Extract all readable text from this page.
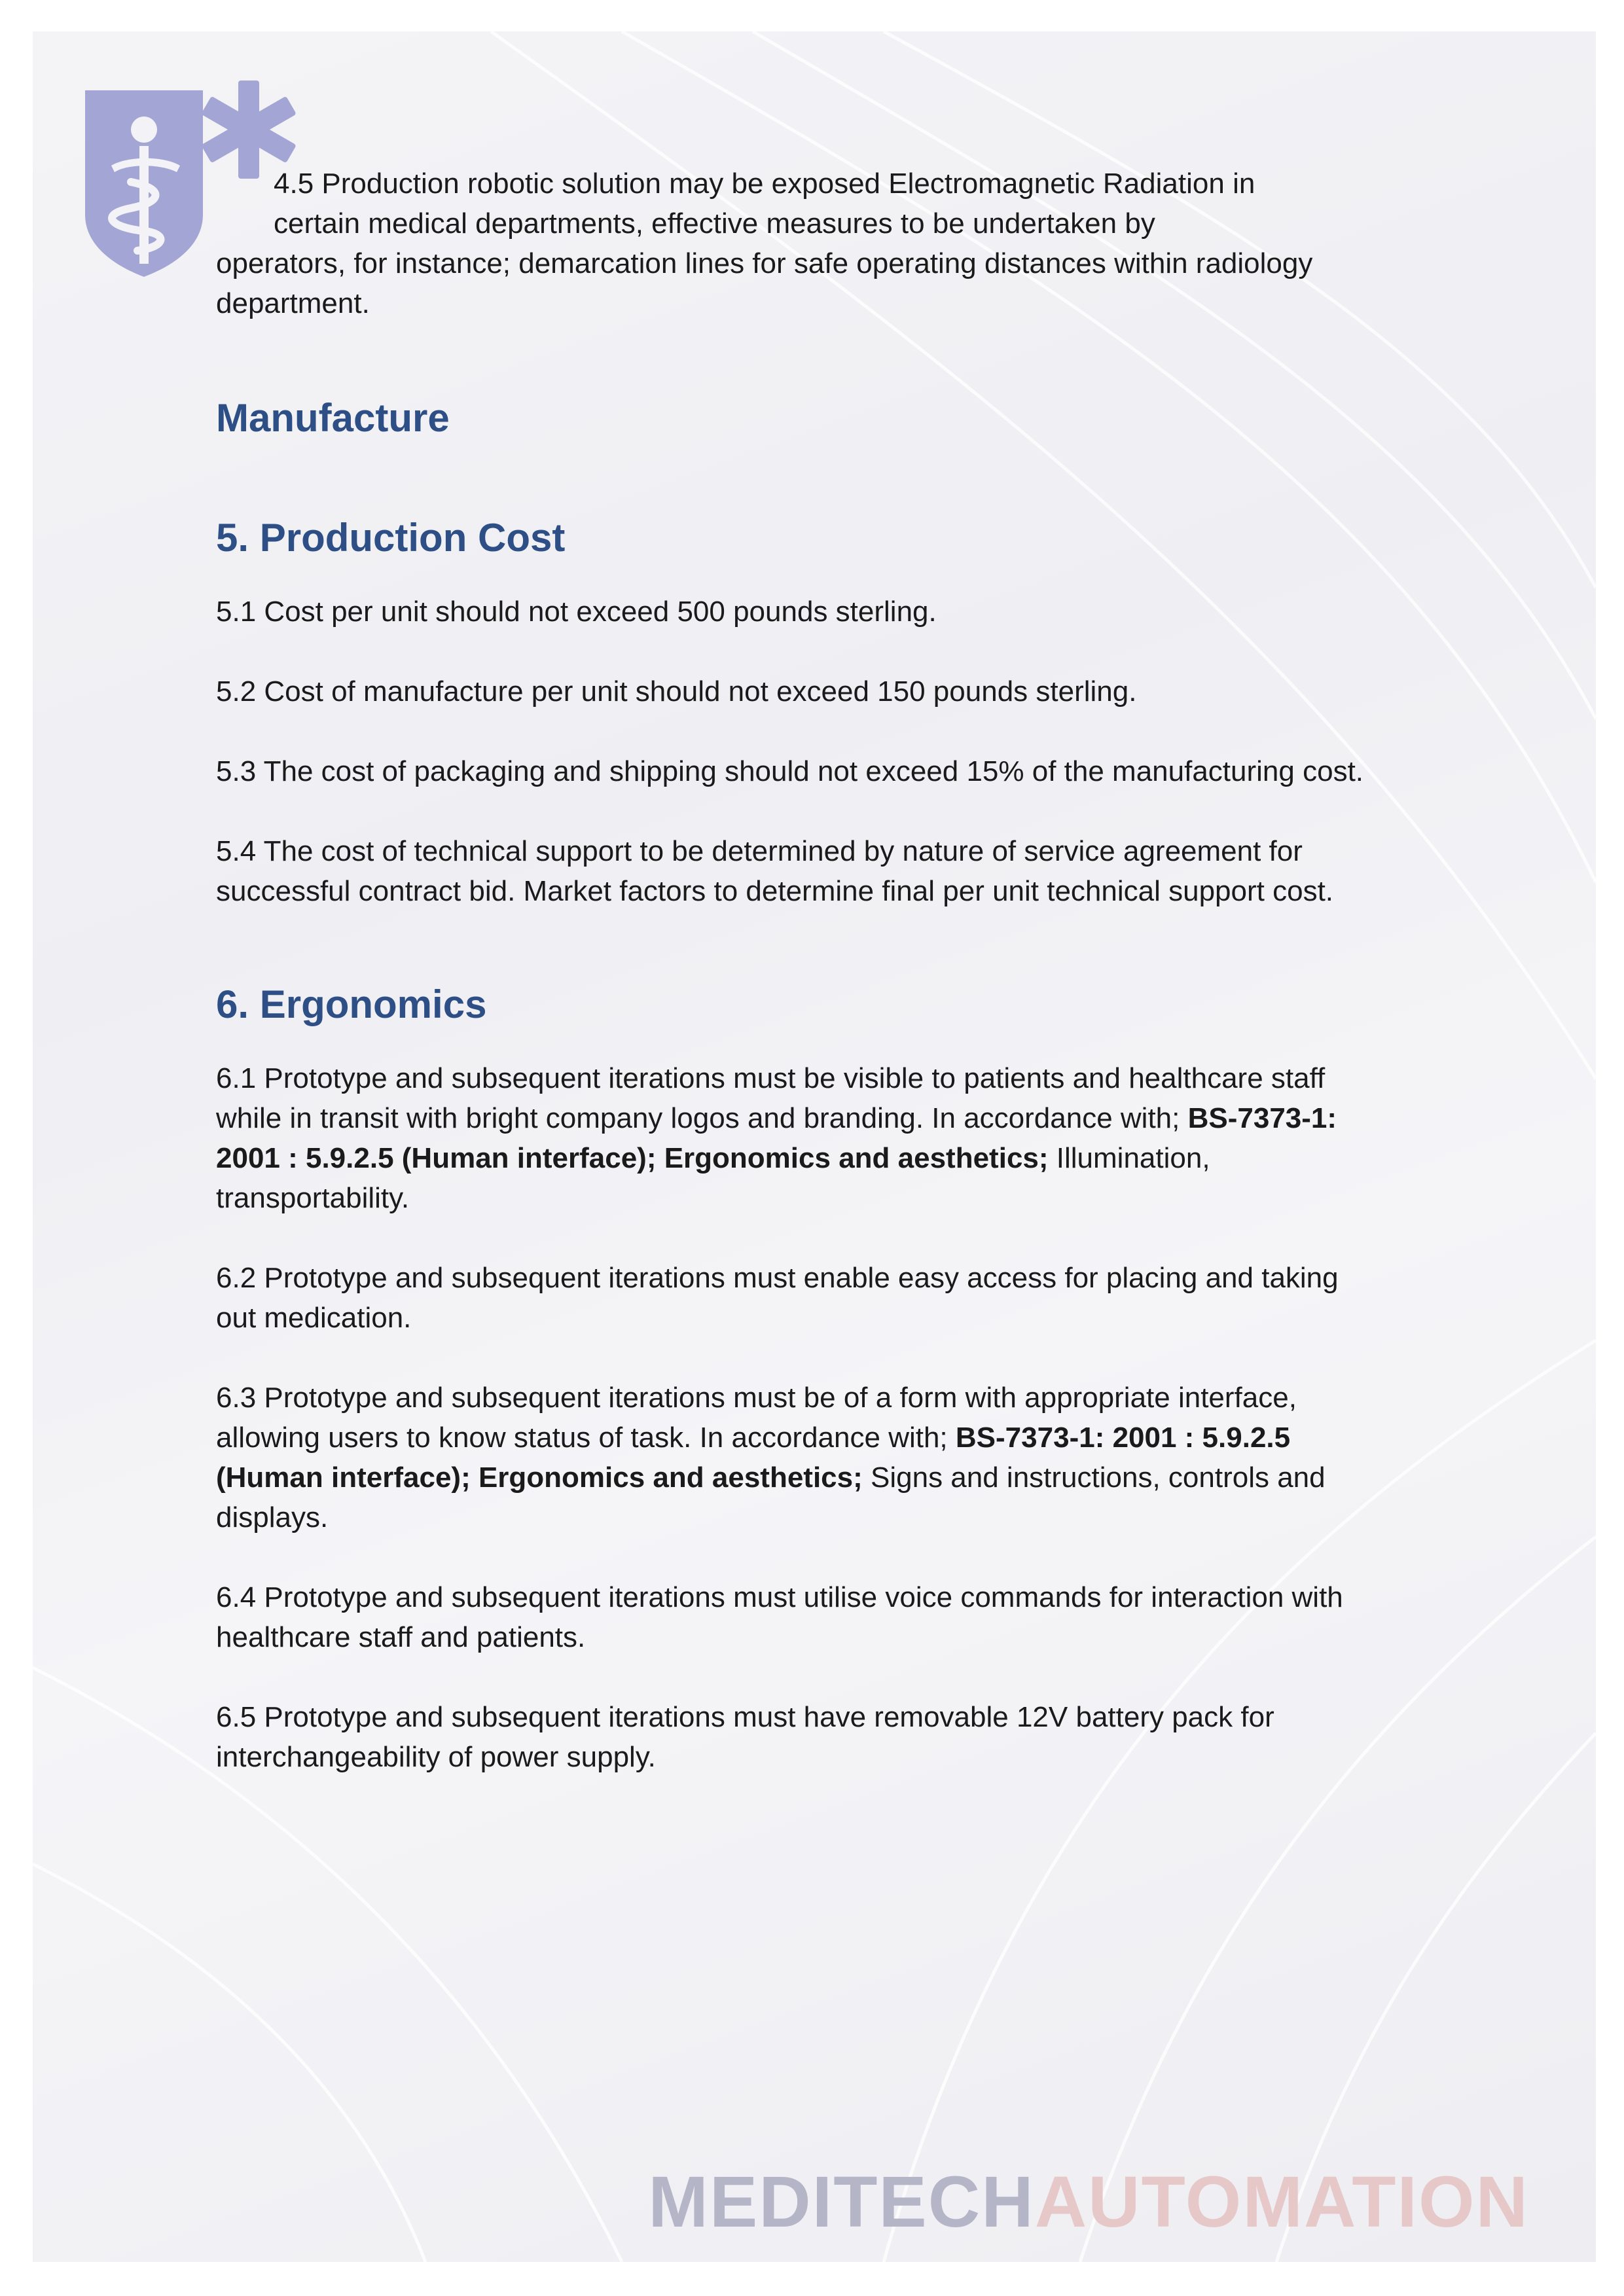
4.5 Production robotic solution may be exposed Electromagnetic Radiation in
certain medical departments, effective measures to be undertaken by
operators, for instance; demarcation lines for safe operating distances within radiology department.

Manufacture
5. Production Cost

5.1 Cost per unit should not exceed 500 pounds sterling.

5.2 Cost of manufacture per unit should not exceed 150 pounds sterling.

5.3 The cost of packaging and shipping should not exceed 15% of the manufacturing cost.

5.4 The cost of technical support to be determined by nature of service agreement for successful contract bid. Market factors to determine final per unit technical support cost.

6. Ergonomics

6.1 Prototype and subsequent iterations must be visible to patients and healthcare staff while in transit with bright company logos and branding. In accordance with; BS-7373-1: 2001 : 5.9.2.5 (Human interface); Ergonomics and aesthetics; Illumination, transportability.

6.2 Prototype and subsequent iterations must enable easy access for placing and taking out medication.

6.3 Prototype and subsequent iterations must be of a form with appropriate interface, allowing users to know status of task. In accordance with; BS-7373-1: 2001 : 5.9.2.5 (Human interface); Ergonomics and aesthetics; Signs and instructions, controls and displays.

6.4 Prototype and subsequent iterations must utilise voice commands for interaction with healthcare staff and patients.

6.5 Prototype and subsequent iterations must have removable 12V battery pack for interchangeability of power supply.

MEDITECHAUTOMATION
